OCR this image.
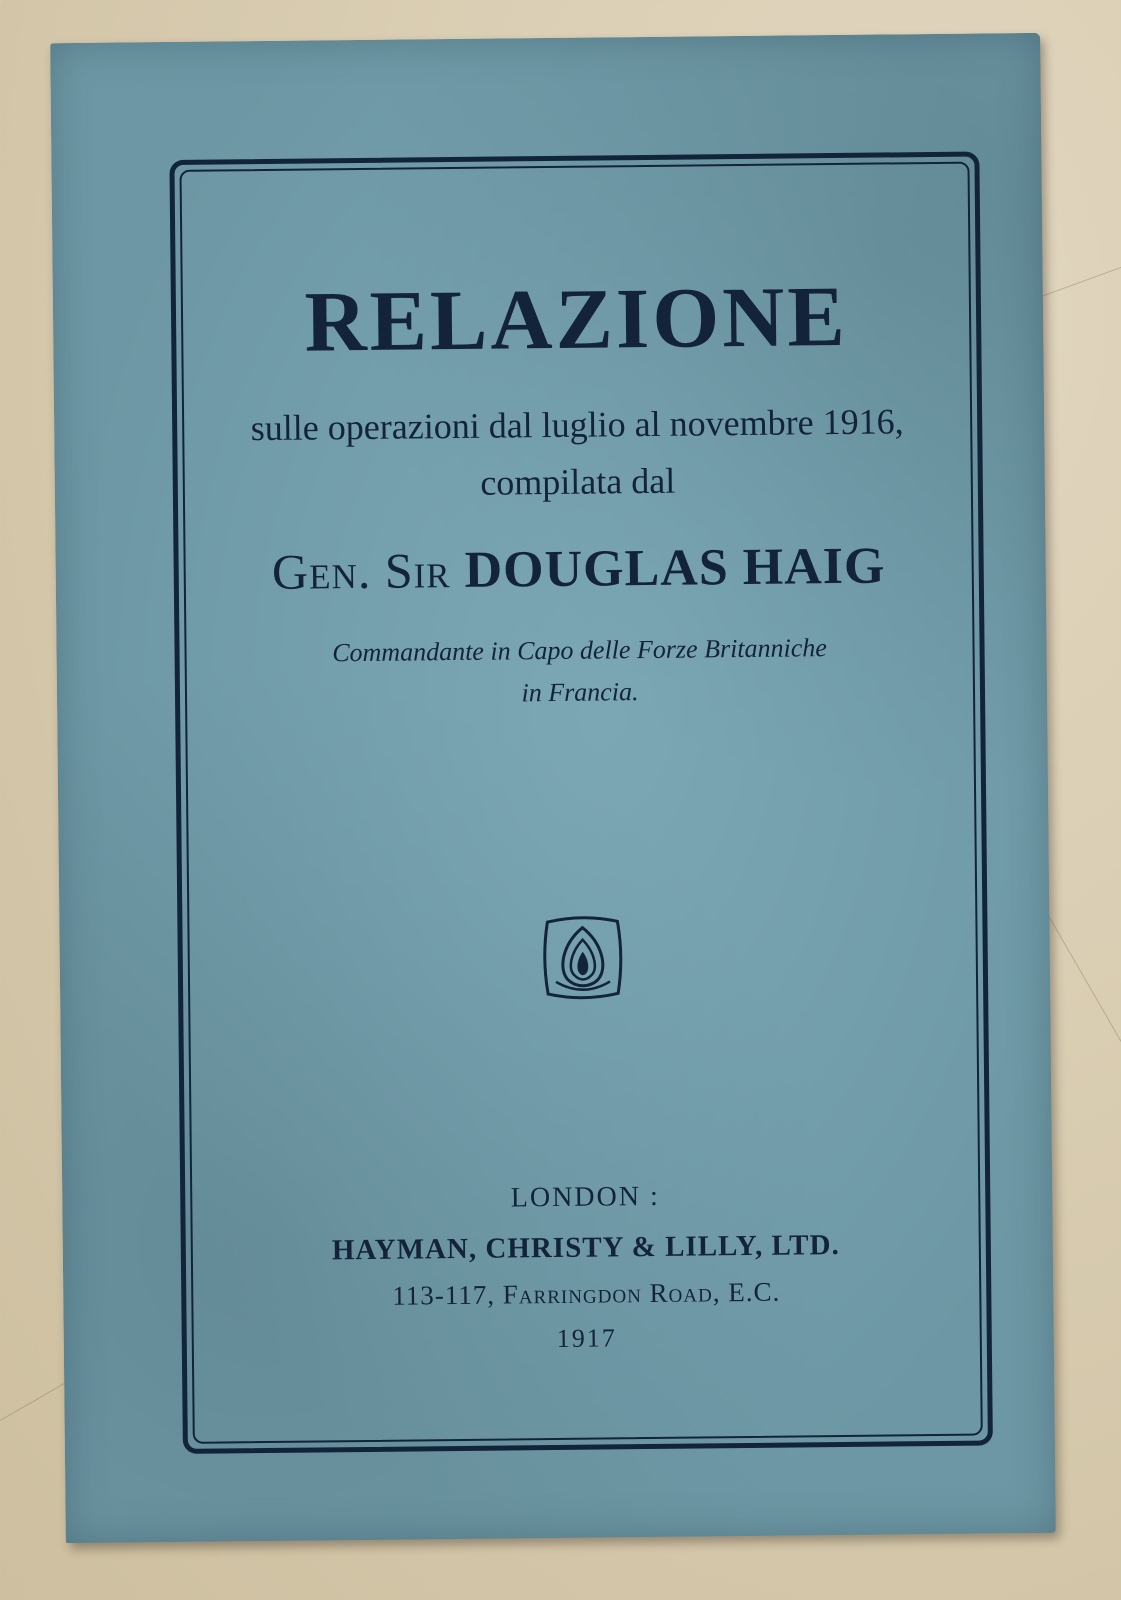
RELAZIONE
sulle operazioni dal luglio al novembre 1916,
compilata dal
Gen. Sir DOUGLAS HAIG
Commandante in Capo delle Forze Britanniche
in Francia.
LONDON :
HAYMAN, CHRISTY & LILLY, LTD.
113-117, Farringdon Road, E.C.
1917
